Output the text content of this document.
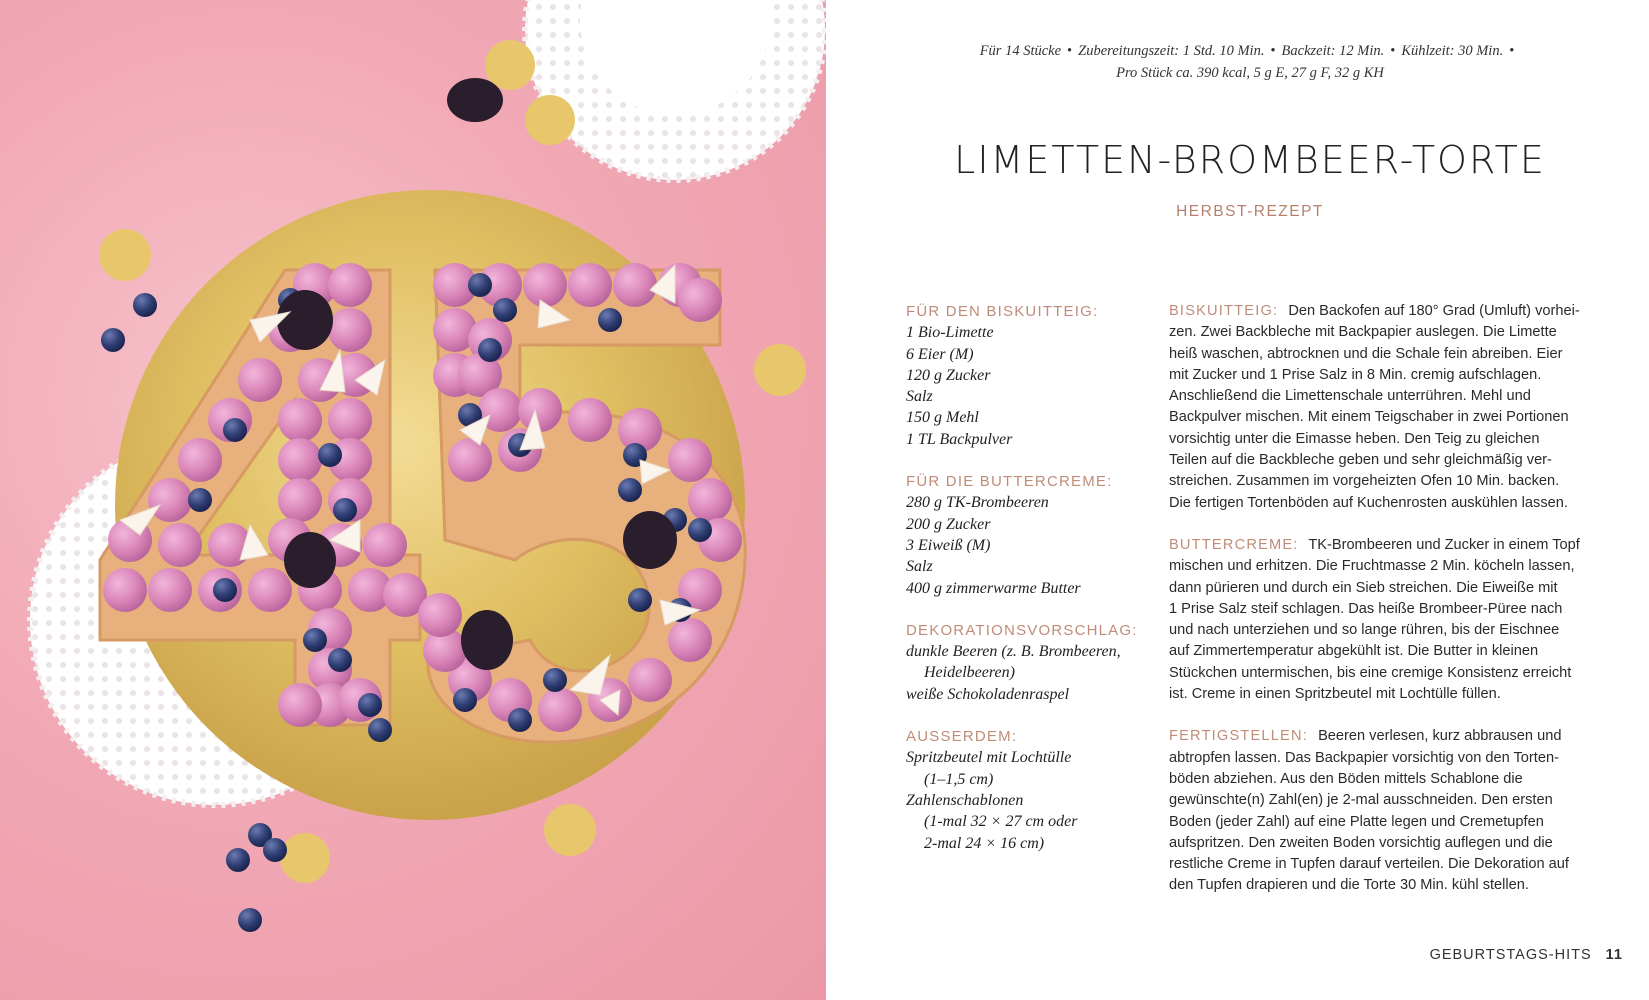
Für 14 Stücke • Zubereitungszeit: 1 Std. 10 Min. • Backzeit: 12 Min. • Kühlzeit: 30 Min. •
Pro Stück ca. 390 kcal, 5 g E, 27 g F, 32 g KH
LIMETTEN-BROMBEER-TORTE
HERBST-REZEPT
FÜR DEN BISKUITTEIG:
1 Bio-Limette
6 Eier (M)
120 g Zucker
Salz
150 g Mehl
1 TL Backpulver
FÜR DIE BUTTERCREME:
280 g TK-Brombeeren
200 g Zucker
3 Eiweiß (M)
Salz
400 g zimmerwarme Butter
DEKORATIONSVORSCHLAG:
dunkle Beeren (z. B. Brombeeren,
Heidelbeeren)
weiße Schokoladenraspel
AUSSERDEM:
Spritzbeutel mit Lochtülle
(1–1,5 cm)
Zahlenschablonen
(1-mal 32 × 27 cm oder
2-mal 24 × 16 cm)
BISKUITTEIG: Den Backofen auf 180° Grad (Umluft) vorhei-
zen. Zwei Backbleche mit Backpapier auslegen. Die Limette
heiß waschen, abtrocknen und die Schale fein abreiben. Eier
mit Zucker und 1 Prise Salz in 8 Min. cremig aufschlagen.
Anschließend die Limettenschale unterrühren. Mehl und
Backpulver mischen. Mit einem Teigschaber in zwei Portionen
vorsichtig unter die Eimasse heben. Den Teig zu gleichen
Teilen auf die Backbleche geben und sehr gleichmäßig ver-
streichen. Zusammen im vorgeheizten Ofen 10 Min. backen.
Die fertigen Tortenböden auf Kuchenrosten auskühlen lassen.
BUTTERCREME: TK-Brombeeren und Zucker in einem Topf
mischen und erhitzen. Die Fruchtmasse 2 Min. köcheln lassen,
dann pürieren und durch ein Sieb streichen. Die Eiweiße mit
1 Prise Salz steif schlagen. Das heiße Brombeer-Püree nach
und nach unterziehen und so lange rühren, bis der Eischnee
auf Zimmertemperatur abgekühlt ist. Die Butter in kleinen
Stückchen untermischen, bis eine cremige Konsistenz erreicht
ist. Creme in einen Spritzbeutel mit Lochtülle füllen.
FERTIGSTELLEN: Beeren verlesen, kurz abbrausen und
abtropfen lassen. Das Backpapier vorsichtig von den Torten-
böden abziehen. Aus den Böden mittels Schablone die
gewünschte(n) Zahl(en) je 2-mal ausschneiden. Den ersten
Boden (jeder Zahl) auf eine Platte legen und Cremetupfen
aufspritzen. Den zweiten Boden vorsichtig auflegen und die
restliche Creme in Tupfen darauf verteilen. Die Dekoration auf
den Tupfen drapieren und die Torte 30 Min. kühl stellen.
GEBURTSTAGS-HITS 11
